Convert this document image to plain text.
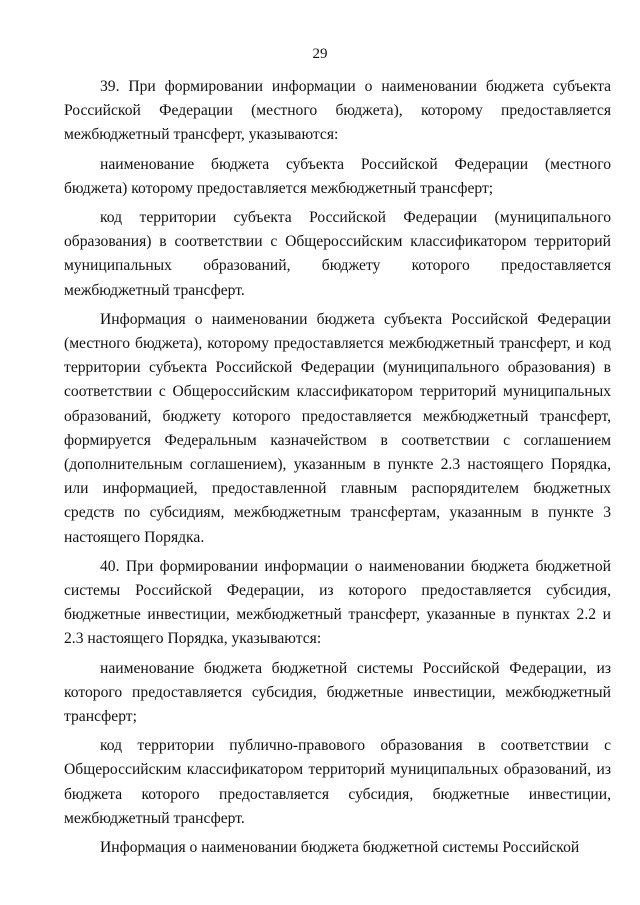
29

39. При формировании информации о наименовании бюджета субъекта Российской Федерации (местного бюджета), которому предоставляется межбюджетный трансферт, указываются:

наименование бюджета субъекта Российской Федерации (местного бюджета) которому предоставляется межбюджетный трансферт;

код территории субъекта Российской Федерации (муниципального образования) в соответствии с Общероссийским классификатором территорий муниципальных образований, бюджету которого предоставляется межбюджетный трансферт.

Информация о наименовании бюджета субъекта Российской Федерации (местного бюджета), которому предоставляется межбюджетный трансферт, и код территории субъекта Российской Федерации (муниципального образования) в соответствии с Общероссийским классификатором территорий муниципальных образований, бюджету которого предоставляется межбюджетный трансферт, формируется Федеральным казначейством в соответствии с соглашением (дополнительным соглашением), указанным в пункте 2.3 настоящего Порядка, или информацией, предоставленной главным распорядителем бюджетных средств по субсидиям, межбюджетным трансфертам, указанным в пункте 3 настоящего Порядка.

40. При формировании информации о наименовании бюджета бюджетной системы Российской Федерации, из которого предоставляется субсидия, бюджетные инвестиции, межбюджетный трансферт, указанные в пунктах 2.2 и 2.3 настоящего Порядка, указываются:

наименование бюджета бюджетной системы Российской Федерации, из которого предоставляется субсидия, бюджетные инвестиции, межбюджетный трансферт;

код территории публично-правового образования в соответствии с Общероссийским классификатором территорий муниципальных образований, из бюджета которого предоставляется субсидия, бюджетные инвестиции, межбюджетный трансферт.

Информация о наименовании бюджета бюджетной системы Российской
